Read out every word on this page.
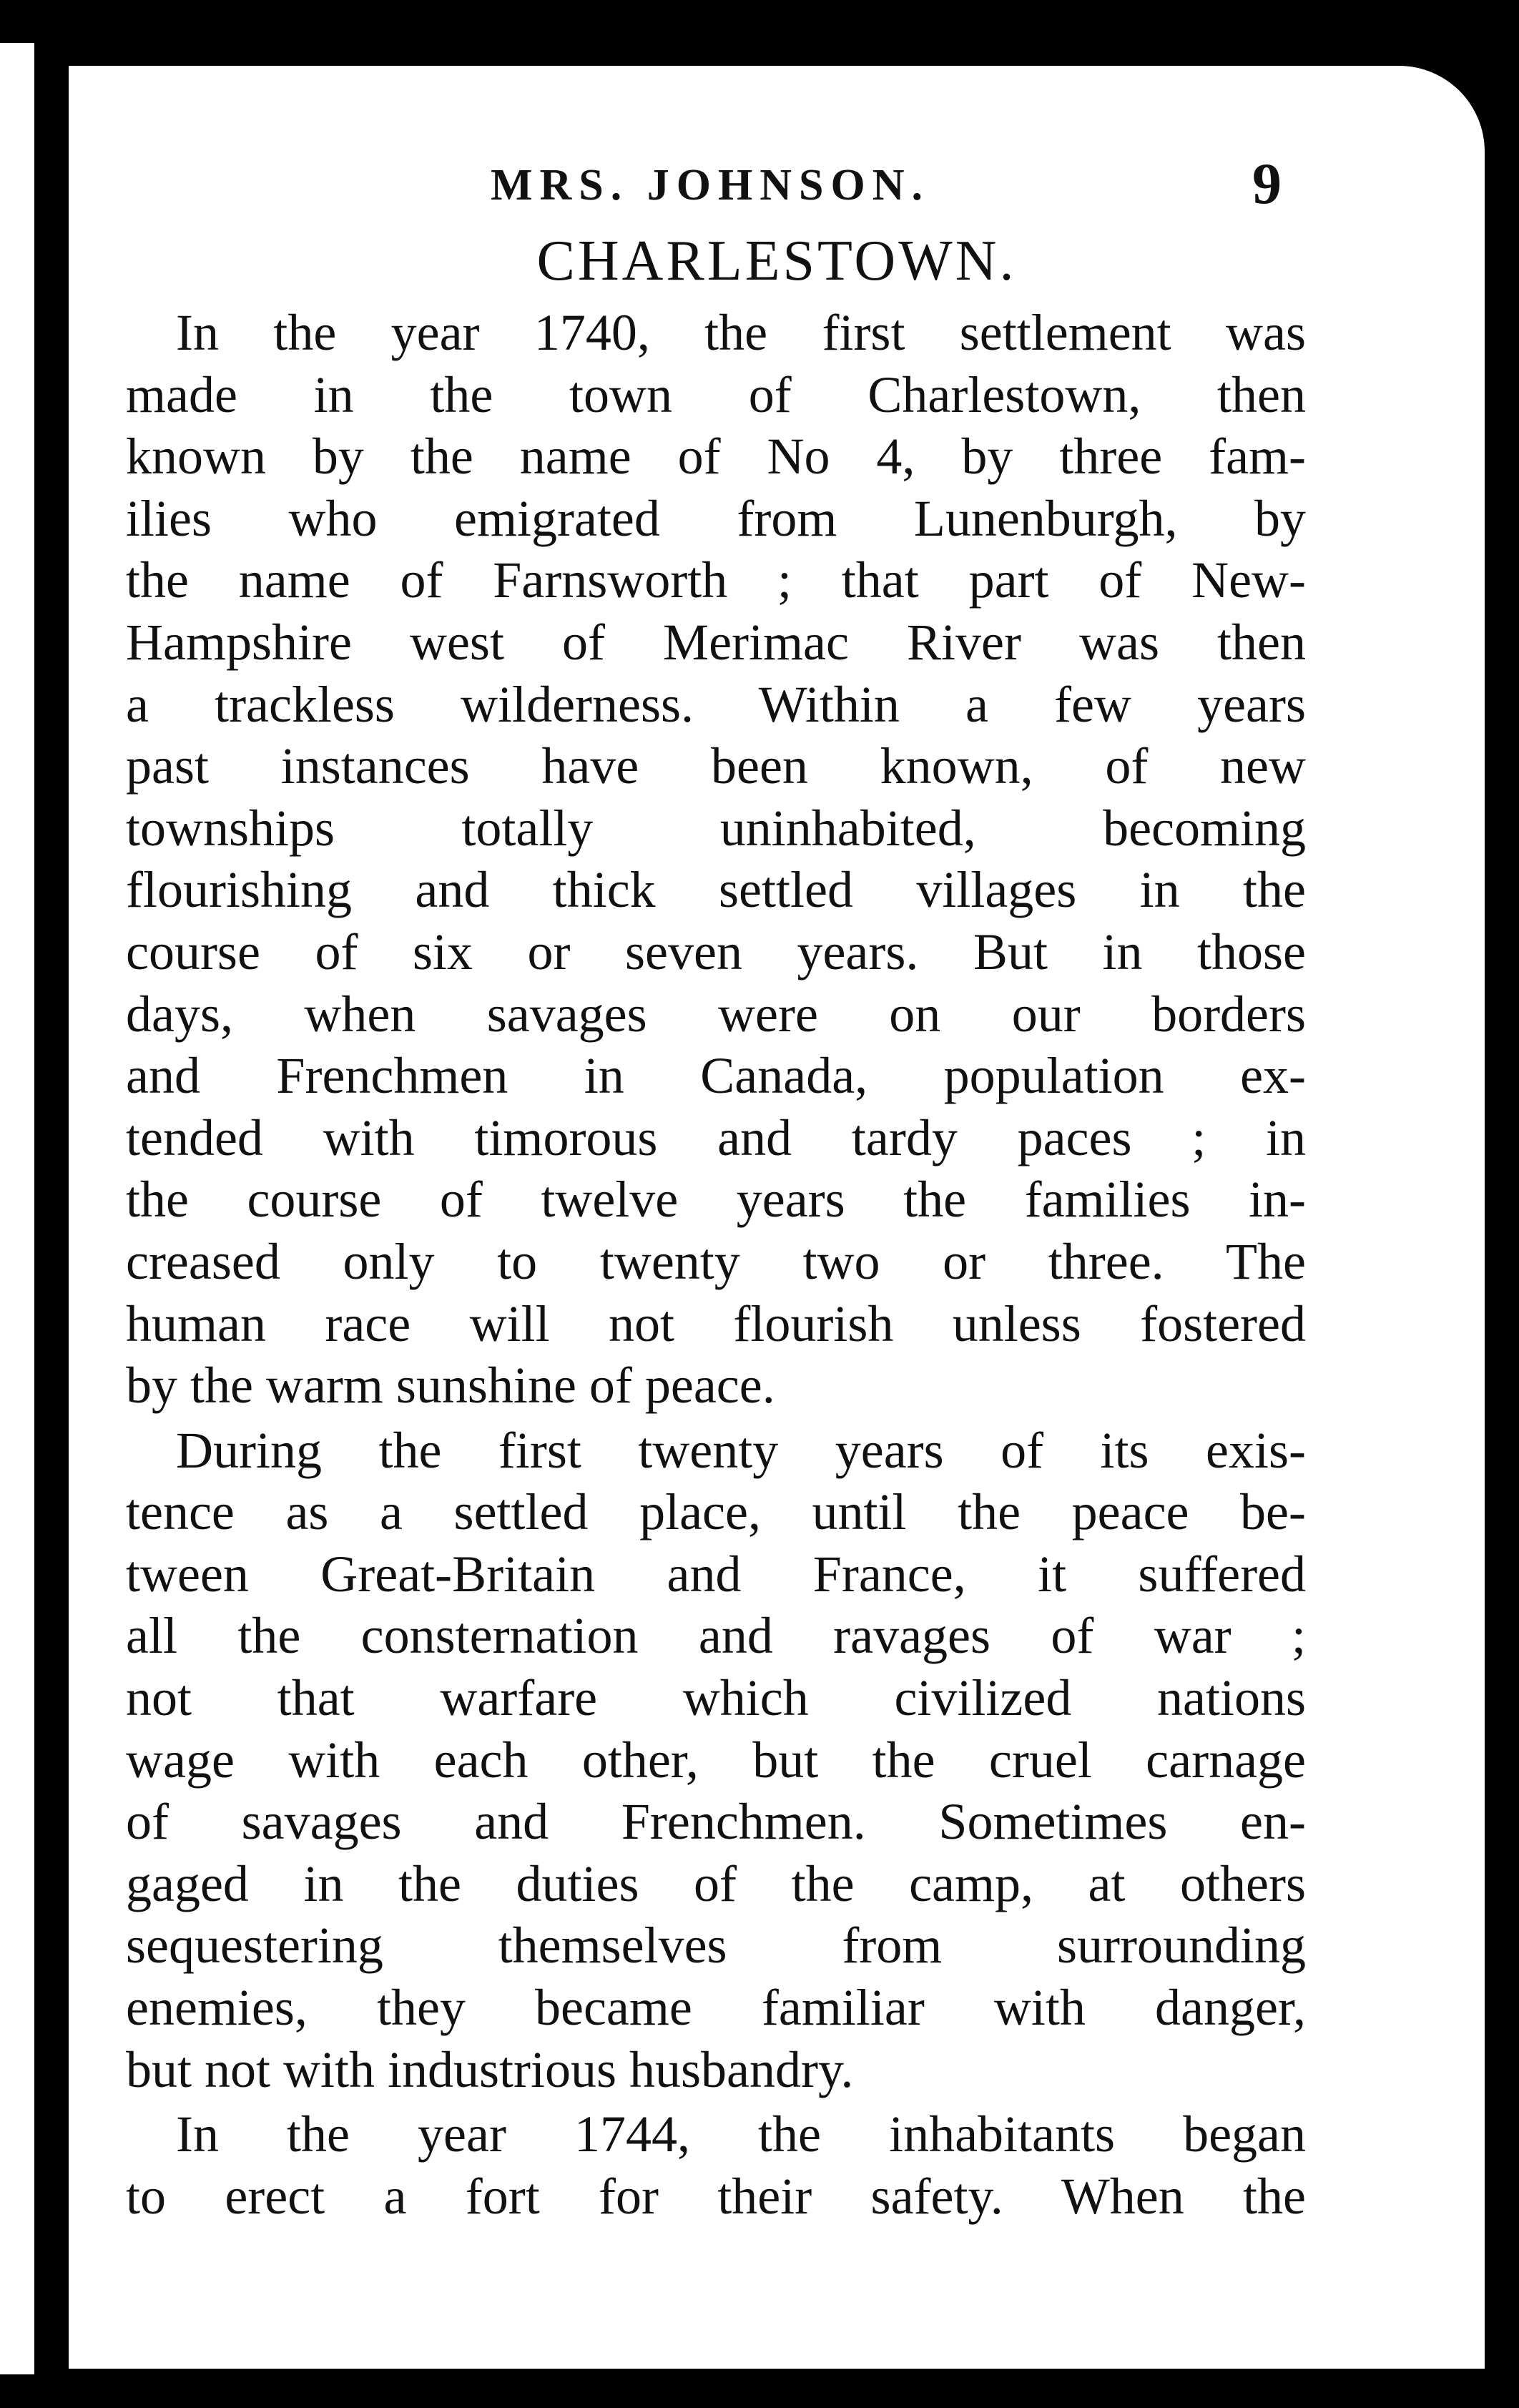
MRS. JOHNSON.	9
CHARLESTOWN.
In the year 1740, the first settlement was
made in the town of Charlestown, then
known by the name of No 4, by three fam-
ilies who emigrated from Lunenburgh, by
the name of Farnsworth ; that part of New-
Hampshire west of Merimac River was then
a trackless wilderness. Within a few years
past instances have been known, of new
townships totally uninhabited, becoming
flourishing and thick settled villages in the
course of six or seven years. But in those
days, when savages were on our borders
and Frenchmen in Canada, population ex-
tended with timorous and tardy paces ; in
the course of twelve years the families in-
creased only to twenty two or three. The
human race will not flourish unless fostered
by the warm sunshine of peace.
During the first twenty years of its exis-
tence as a settled place, until the peace be-
tween Great-Britain and France, it suffered
all the consternation and ravages of war ;
not that warfare which civilized nations
wage with each other, but the cruel carnage
of savages and Frenchmen. Sometimes en-
gaged in the duties of the camp, at others
sequestering themselves from surrounding
enemies, they became familiar with danger,
but not with industrious husbandry.
In the year 1744, the inhabitants began
to erect a fort for their safety. When the
